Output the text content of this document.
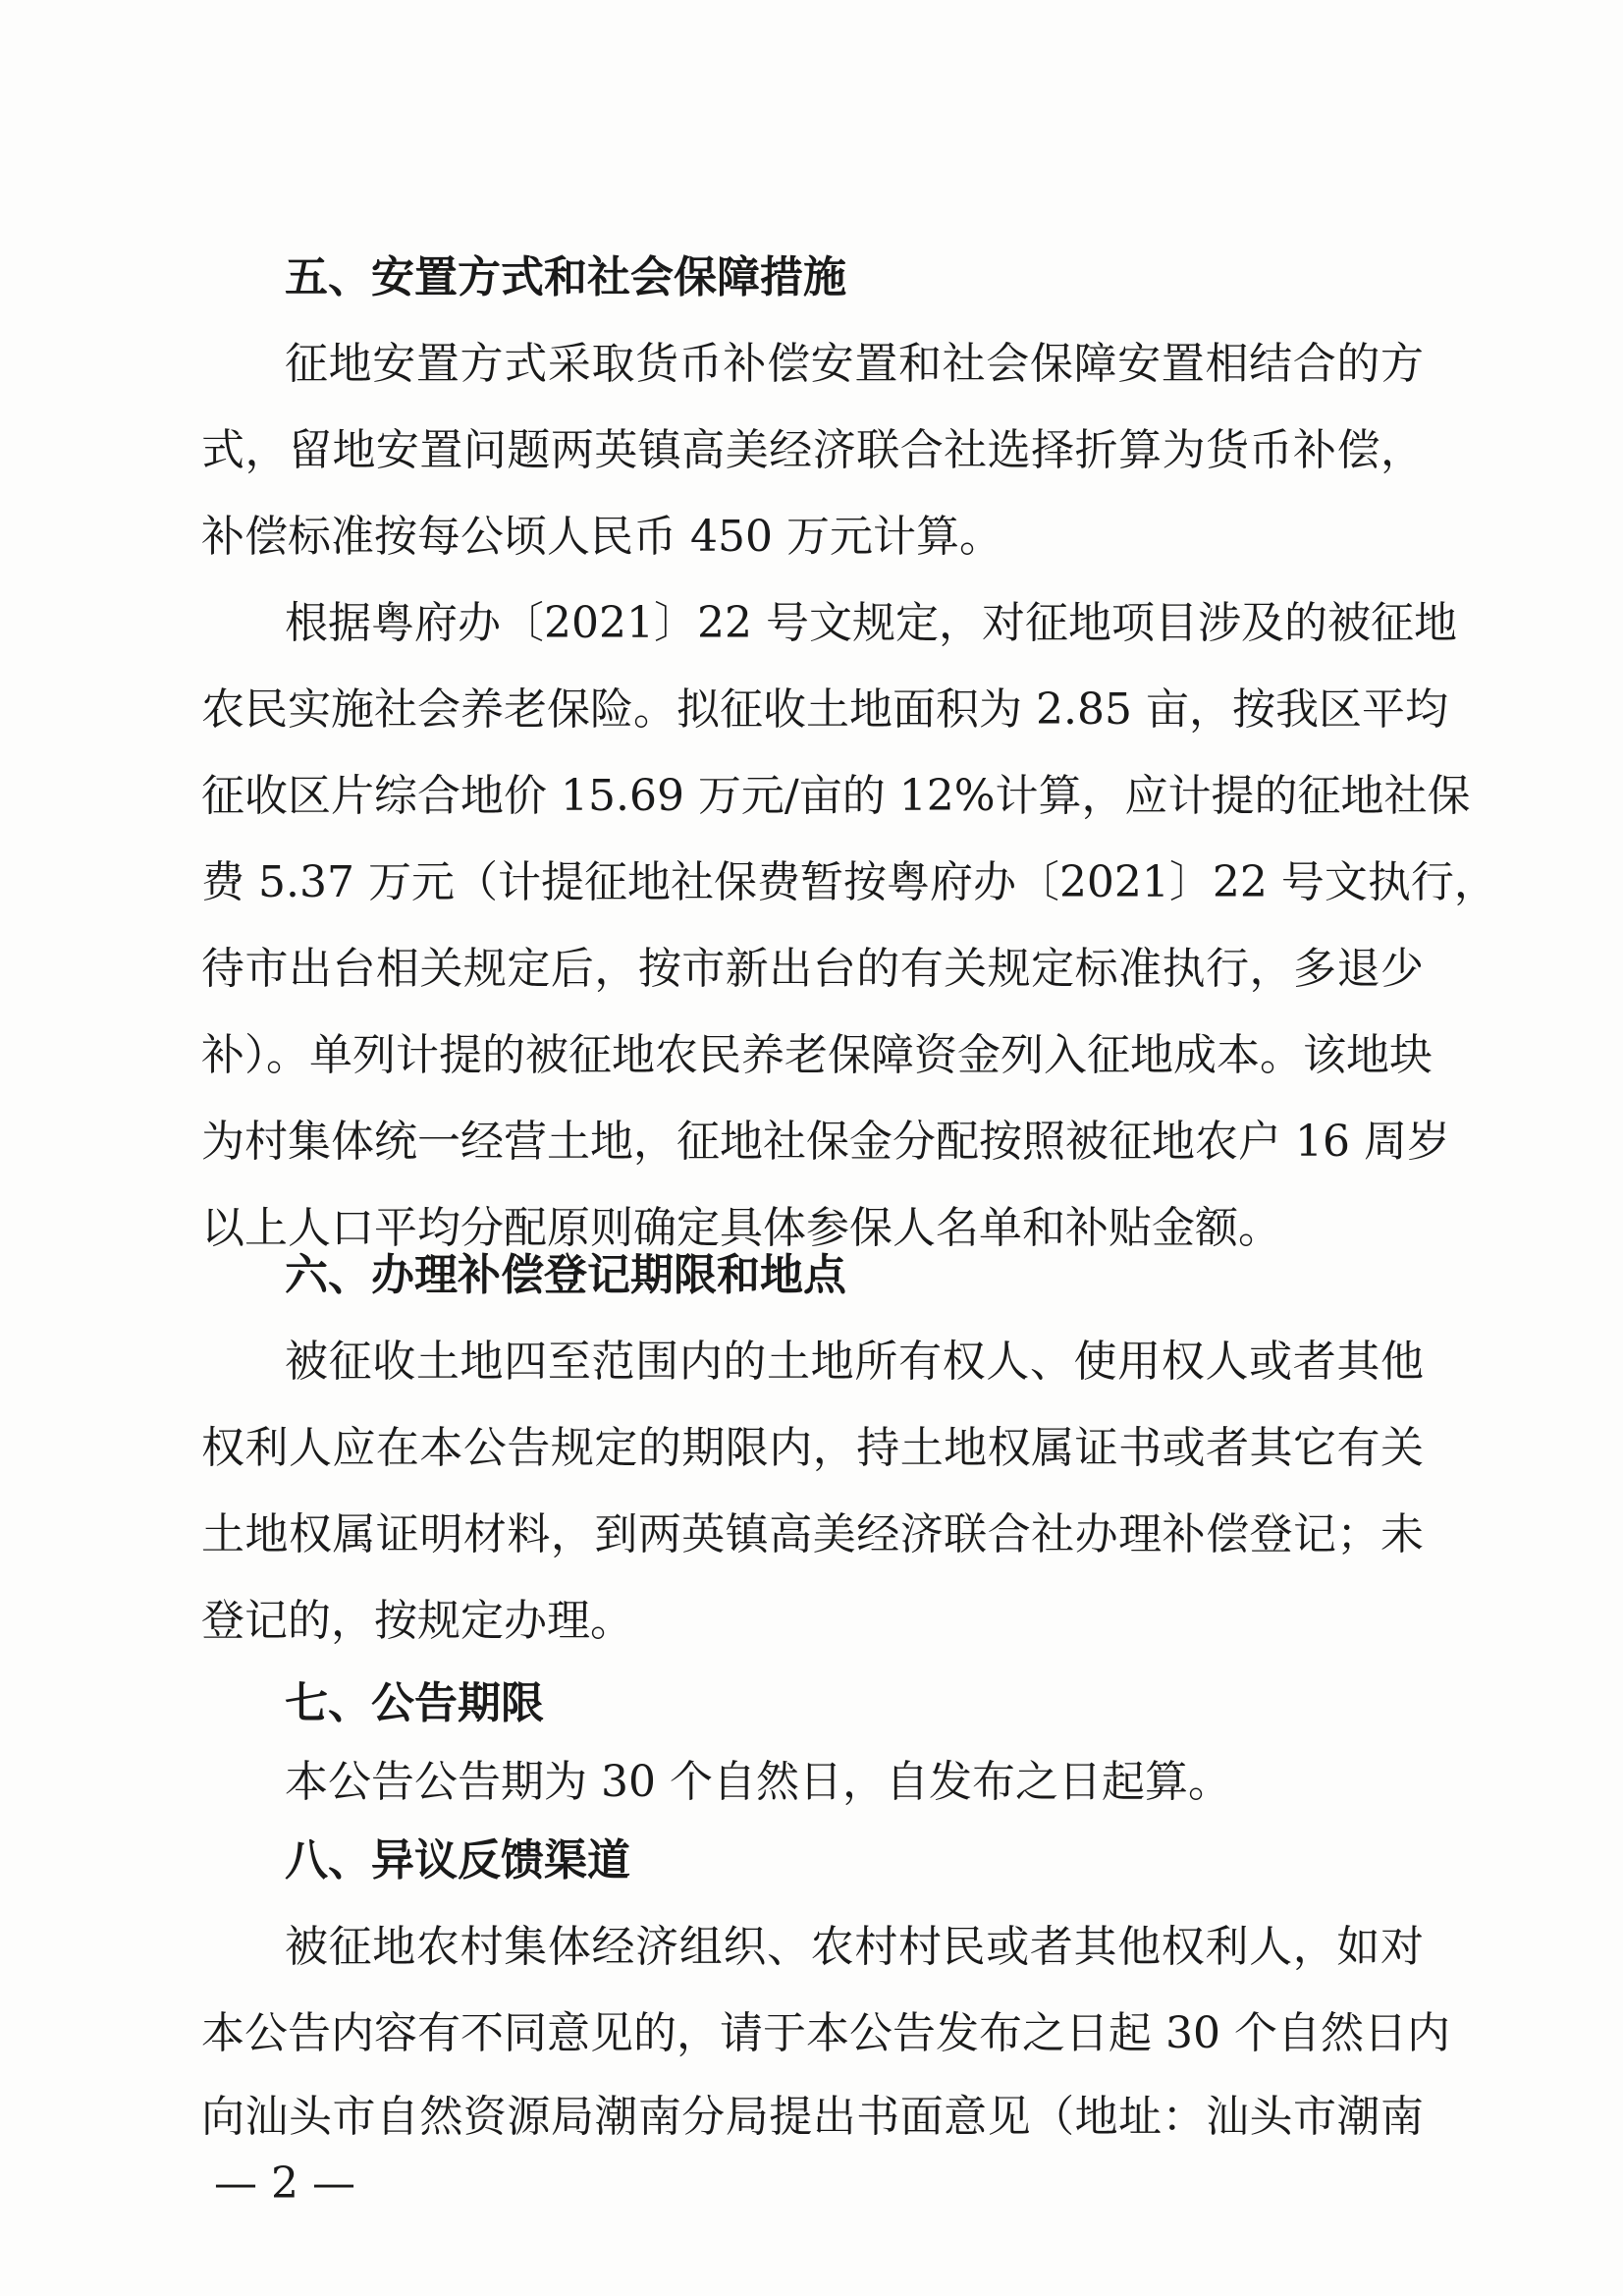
五、安置方式和社会保障措施
征地安置方式采取货币补偿安置和社会保障安置相结合的方
式，留地安置问题两英镇高美经济联合社选择折算为货币补偿，
补偿标准按每公顷人民币 450 万元计算。
根据粤府办〔2021〕22 号文规定，对征地项目涉及的被征地
农民实施社会养老保险。拟征收土地面积为 2.85 亩，按我区平均
征收区片综合地价 15.69 万元/亩的 12%计算，应计提的征地社保
费 5.37 万元（计提征地社保费暂按粤府办〔2021〕22 号文执行，
待市出台相关规定后，按市新出台的有关规定标准执行，多退少
补）。单列计提的被征地农民养老保障资金列入征地成本。该地块
为村集体统一经营土地，征地社保金分配按照被征地农户 16 周岁
以上人口平均分配原则确定具体参保人名单和补贴金额。
六、办理补偿登记期限和地点
被征收土地四至范围内的土地所有权人、使用权人或者其他
权利人应在本公告规定的期限内，持土地权属证书或者其它有关
土地权属证明材料，到两英镇高美经济联合社办理补偿登记；未
登记的，按规定办理。
七、公告期限
本公告公告期为 30 个自然日，自发布之日起算。
八、异议反馈渠道
被征地农村集体经济组织、农村村民或者其他权利人，如对
本公告内容有不同意见的，请于本公告发布之日起 30 个自然日内
向汕头市自然资源局潮南分局提出书面意见（地址：汕头市潮南
— 2 —
